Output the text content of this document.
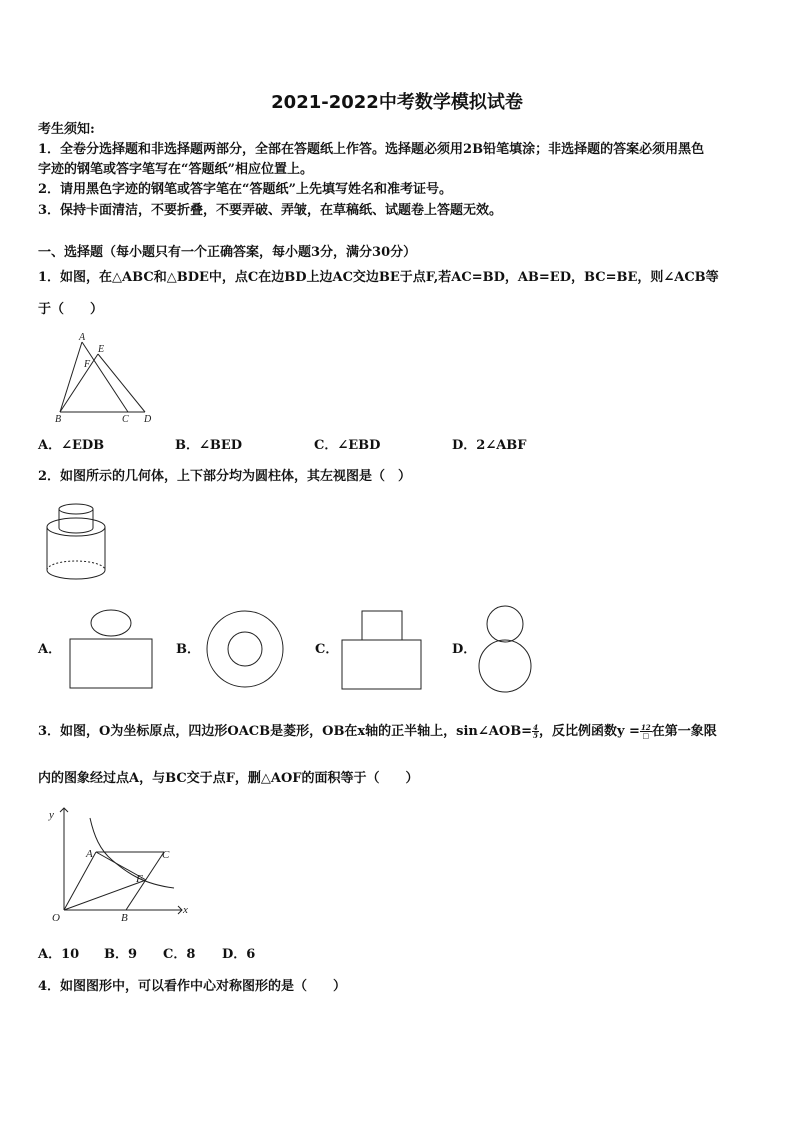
2021-2022中考数学模拟试卷
考生须知:
1．全卷分选择题和非选择题两部分，全部在答题纸上作答。选择题必须用2B铅笔填涂；非选择题的答案必须用黑色
字迹的钢笔或答字笔写在“答题纸”相应位置上。
2．请用黑色字迹的钢笔或答字笔在“答题纸”上先填写姓名和准考证号。
3．保持卡面清洁，不要折叠，不要弄破、弄皱，在草稿纸、试题卷上答题无效。
一、选择题（每小题只有一个正确答案，每小题3分，满分30分）
1．如图，在△ABC和△BDE中，点C在边BD上边AC交边BE于点F,若AC=BD，AB=ED，BC=BE，则∠ACB等
于（　　）
A
E
F
B	C D
A．∠EDB	B．∠BED	C．∠EBD	D．2∠ABF
2．如图所示的几何体，上下部分均为圆柱体，其左视图是（　）
A．	B．	C．	D．
3．如图，O为坐标原点，四边形OACB是菱形，OB在x轴的正半轴上，sin∠AOB= $\frac{4}{5}$ ，反比例函数$y = \frac{12}{□}$ 在第一象限
内的图象经过点A，与BC交于点F，删△AOF的面积等于（　　）
y
x
A	C
F
O	B
A．10 B．9 C．8 D．6
4．如图图形中，可以看作中心对称图形的是（　　）
